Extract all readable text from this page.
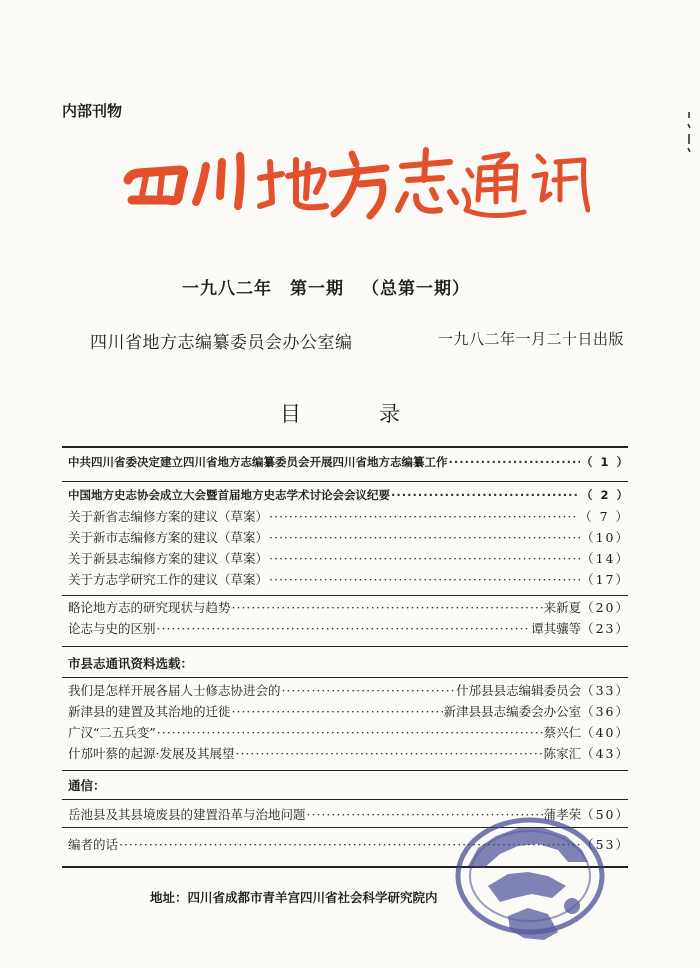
内部刊物
一九八二年 第一期 （总第一期）
四川省地方志编纂委员会办公室编	一九八二年一月二十日出版
目	录
中共四川省委决定建立四川省地方志编纂委员会开展四川省地方志编纂工作 ·····	（ 1 ）
中国地方史志协会成立大会暨首届地方史志学术讨论会会议纪要 ·····	（ 2 ）
关于新省志编修方案的建议（草案） ·····	（ 7 ）
关于新市志编修方案的建议（草案） ·····	（10）
关于新县志编修方案的建议（草案） ·····	（14）
关于方志学研究工作的建议（草案） ·····	（17）
略论地方志的研究现状与趋势 ·····	来新夏 （20）
论志与史的区别 ·····	谭其骧等 （23）
市县志通讯资料选载：
我们是怎样开展各届人士修志协进会的 ·····	什邡县县志编辑委员会 （33）
新津县的建置及其治地的迁徙 ·····	新津县县志编委会办公室 （36）
广汉“二五兵变” ·····	蔡兴仁 （40）
什邡叶蔡的起源·发展及其展望 ·····	陈家汇 （43）
通信：
岳池县及其县境废县的建置沿革与治地问题 ·····	蒲孝荣 （50）
编者的话 ·····	（53）
地址：四川省成都市青羊宫四川省社会科学研究院内
